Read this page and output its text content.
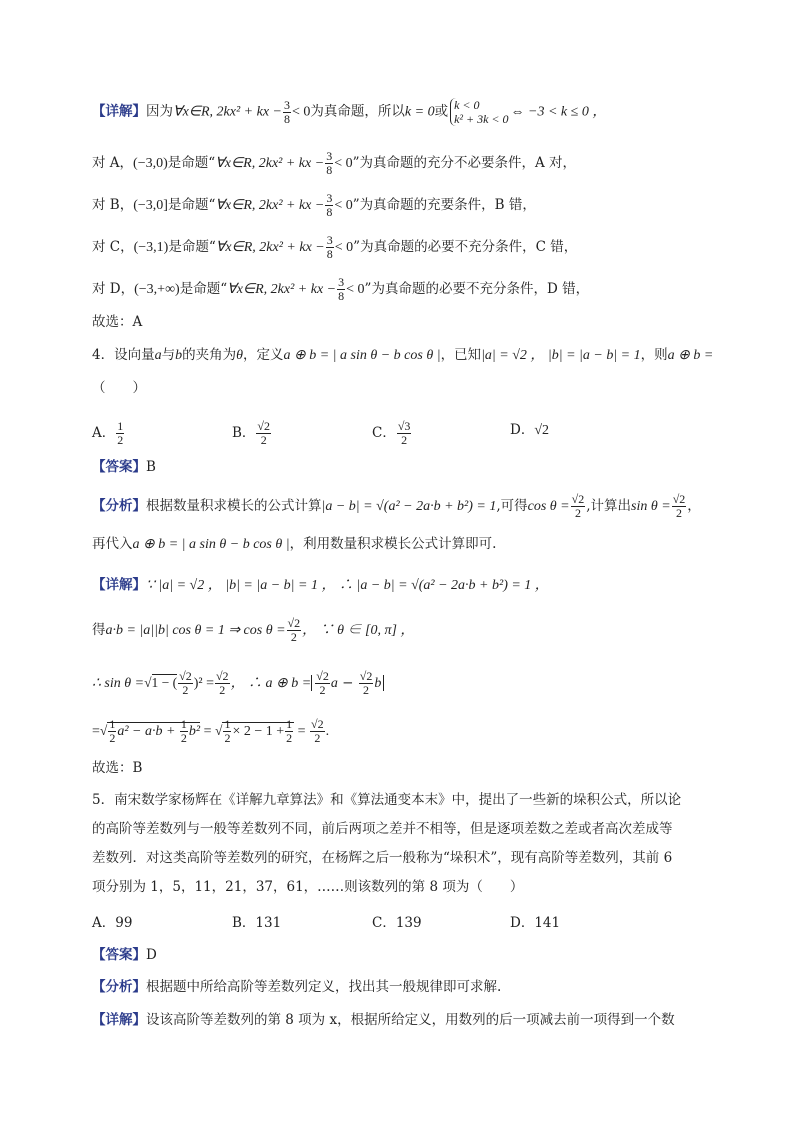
【详解】因为∀x∈R, 2kx² + kx − $\frac{3}{8} < 0$为真命题，所以k = 0或 k < 0
k² + 3k < 0 ⇔ −3 < k ≤ 0 ，
对 A，(−3,0)是命题“∀x∈R, 2kx² + kx − $\frac{3}{8} < 0$”为真命题的充分不必要条件，A 对，
对 B，(−3,0]是命题“∀x∈R, 2kx² + kx − $\frac{3}{8} < 0$”为真命题的充要条件，B 错，
对 C，(−3,1)是命题“∀x∈R, 2kx² + kx − $\frac{3}{8} < 0$”为真命题的必要不充分条件，C 错，
对 D，(−3,+∞)是命题“∀x∈R, 2kx² + kx − $\frac{3}{8} < 0$”为真命题的必要不充分条件，D 错，
故选：A
4．设向量a与b的夹角为θ，定义a ⊕ b = | a sin θ − b cos θ |，已知|a| = √2 ， |b| = |a − b| = 1，则a ⊕ b =
（　　）
A． $\frac{1}{2}$	B． $\frac{√2}{2}$	C． $\frac{√3}{2}$	D．√2
【答案】B
【分析】根据数量积求模长的公式计算|a − b| = √(a² − 2a·b + b²) = 1,可得$\cos \theta = \frac{√2}{2}$ ,计算出$\sin \theta = \frac{√2}{2}$ ，
再代入a ⊕ b = | a sin θ − b cos θ |，利用数量积求模长公式计算即可.
【详解】∵ |a| = √2 ， |b| = |a − b| = 1 ， ∴ |a − b| = √(a² − 2a·b + b²) = 1 ，
得a·b = |a||b| cos θ = 1 ⇒ $\cos \theta = \frac{√2}{2}$ ， ∵ θ ∈ [0, π] ，
∴ sin θ =√1 − ( $\frac{√2}{2} )^2 = \frac{√2}{2}$ ， ∴ a ⊕ $b = \frac{√2}{2}$ $a - \frac{√2}{2}$ b
=√ $\frac{1}{2} a^2 - a\cdot b + \frac{1}{2} b^2$ = √ $\frac{1}{2} \times 2 - 1 + \frac{1}{2} = \frac{√2}{2}$ .
故选：B
5．南宋数学家杨辉在《详解九章算法》和《算法通变本末》中，提出了一些新的垛积公式，所以论
的高阶等差数列与一般等差数列不同，前后两项之差并不相等，但是逐项差数之差或者高次差成等
差数列．对这类高阶等差数列的研究，在杨辉之后一般称为“垛积术”，现有高阶等差数列，其前 6
项分别为 1，5，11，21，37，61，……则该数列的第 8 项为（　　）
A．99	B．131	C．139	D．141
【答案】D
【分析】根据题中所给高阶等差数列定义，找出其一般规律即可求解.
【详解】设该高阶等差数列的第 8 项为 x，根据所给定义，用数列的后一项减去前一项得到一个数
